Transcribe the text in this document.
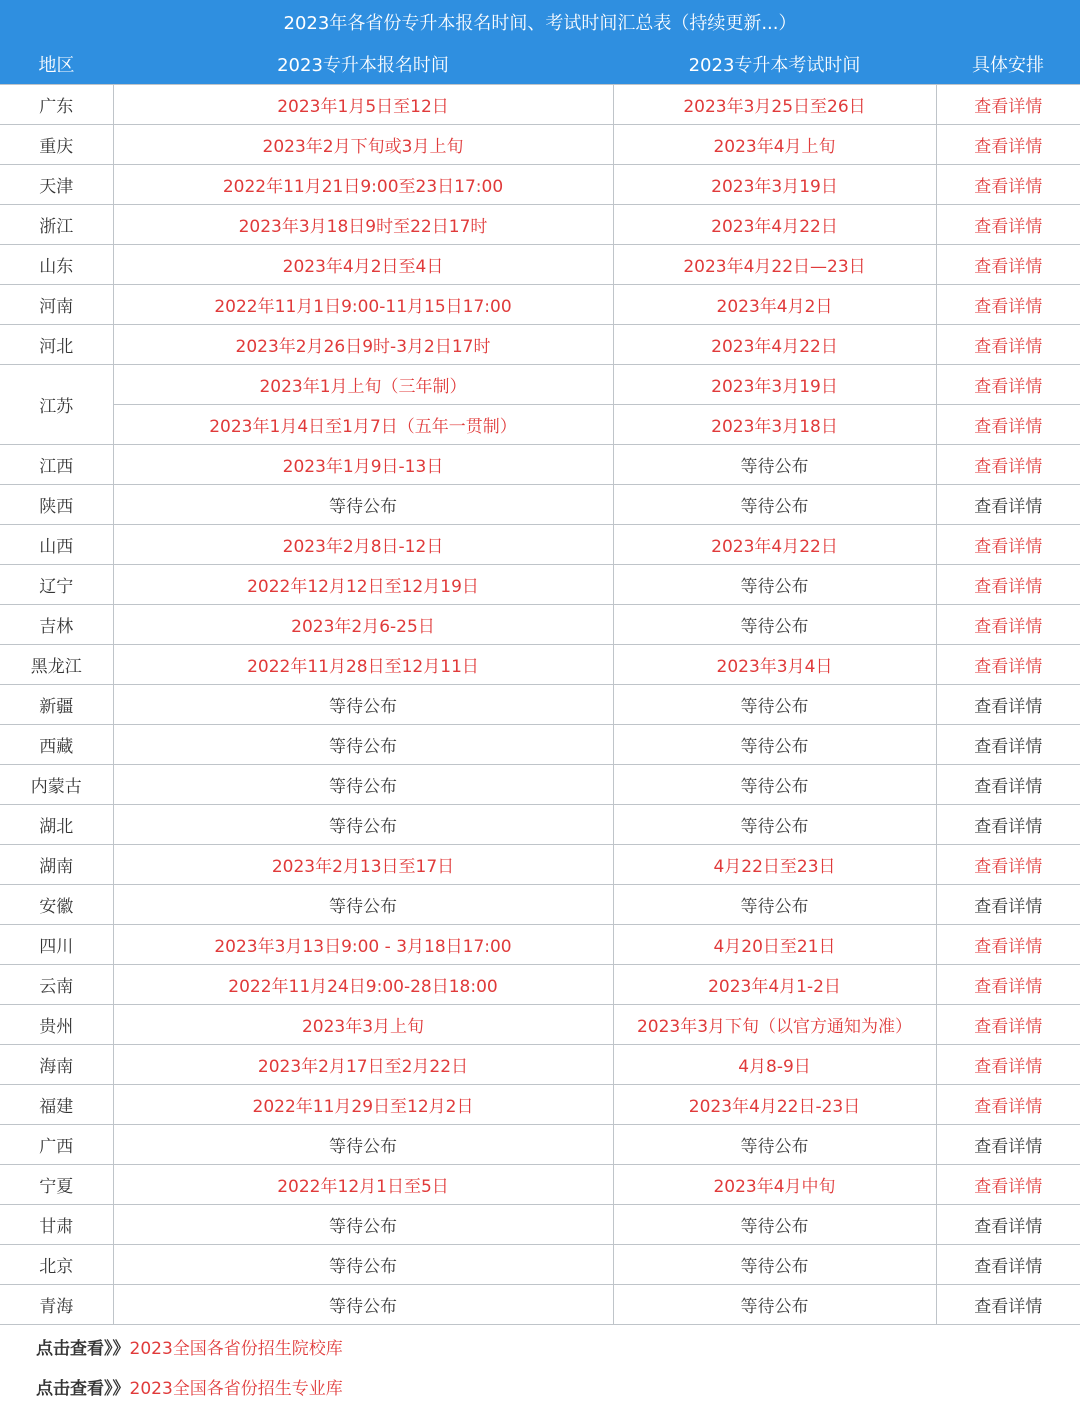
2023年各省份专升本报名时间、考试时间汇总表（持续更新...）			
地区	2023专升本报名时间	2023专升本考试时间	具体安排
广东	2023年1月5日至12日	2023年3月25日至26日	查看详情
重庆	2023年2月下旬或3月上旬	2023年4月上旬	查看详情
天津	2022年11月21日9:00至23日17:00	2023年3月19日	查看详情
浙江	2023年3月18日9时至22日17时	2023年4月22日	查看详情
山东	2023年4月2日至4日	2023年4月22日—23日	查看详情
河南	2022年11月1日9:00-11月15日17:00	2023年4月2日	查看详情
河北	2023年2月26日9时-3月2日17时	2023年4月22日	查看详情
江苏	2023年1月上旬（三年制）	2023年3月19日	查看详情
	2023年1月4日至1月7日（五年一贯制）	2023年3月18日	查看详情
江西	2023年1月9日-13日	等待公布	查看详情
陕西	等待公布	等待公布	查看详情
山西	2023年2月8日-12日	2023年4月22日	查看详情
辽宁	2022年12月12日至12月19日	等待公布	查看详情
吉林	2023年2月6-25日	等待公布	查看详情
黑龙江	2022年11月28日至12月11日	2023年3月4日	查看详情
新疆	等待公布	等待公布	查看详情
西藏	等待公布	等待公布	查看详情
内蒙古	等待公布	等待公布	查看详情
湖北	等待公布	等待公布	查看详情
湖南	2023年2月13日至17日	4月22日至23日	查看详情
安徽	等待公布	等待公布	查看详情
四川	2023年3月13日9:00 - 3月18日17:00	4月20日至21日	查看详情
云南	2022年11月24日9:00-28日18:00	2023年4月1-2日	查看详情
贵州	2023年3月上旬	2023年3月下旬（以官方通知为准）	查看详情
海南	2023年2月17日至2月22日	4月8-9日	查看详情
福建	2022年11月29日至12月2日	2023年4月22日-23日	查看详情
广西	等待公布	等待公布	查看详情
宁夏	2022年12月1日至5日	2023年4月中旬	查看详情
甘肃	等待公布	等待公布	查看详情
北京	等待公布	等待公布	查看详情
青海	等待公布	等待公布	查看详情
点击查看》》2023全国各省份招生院校库
点击查看》》2023全国各省份招生专业库
